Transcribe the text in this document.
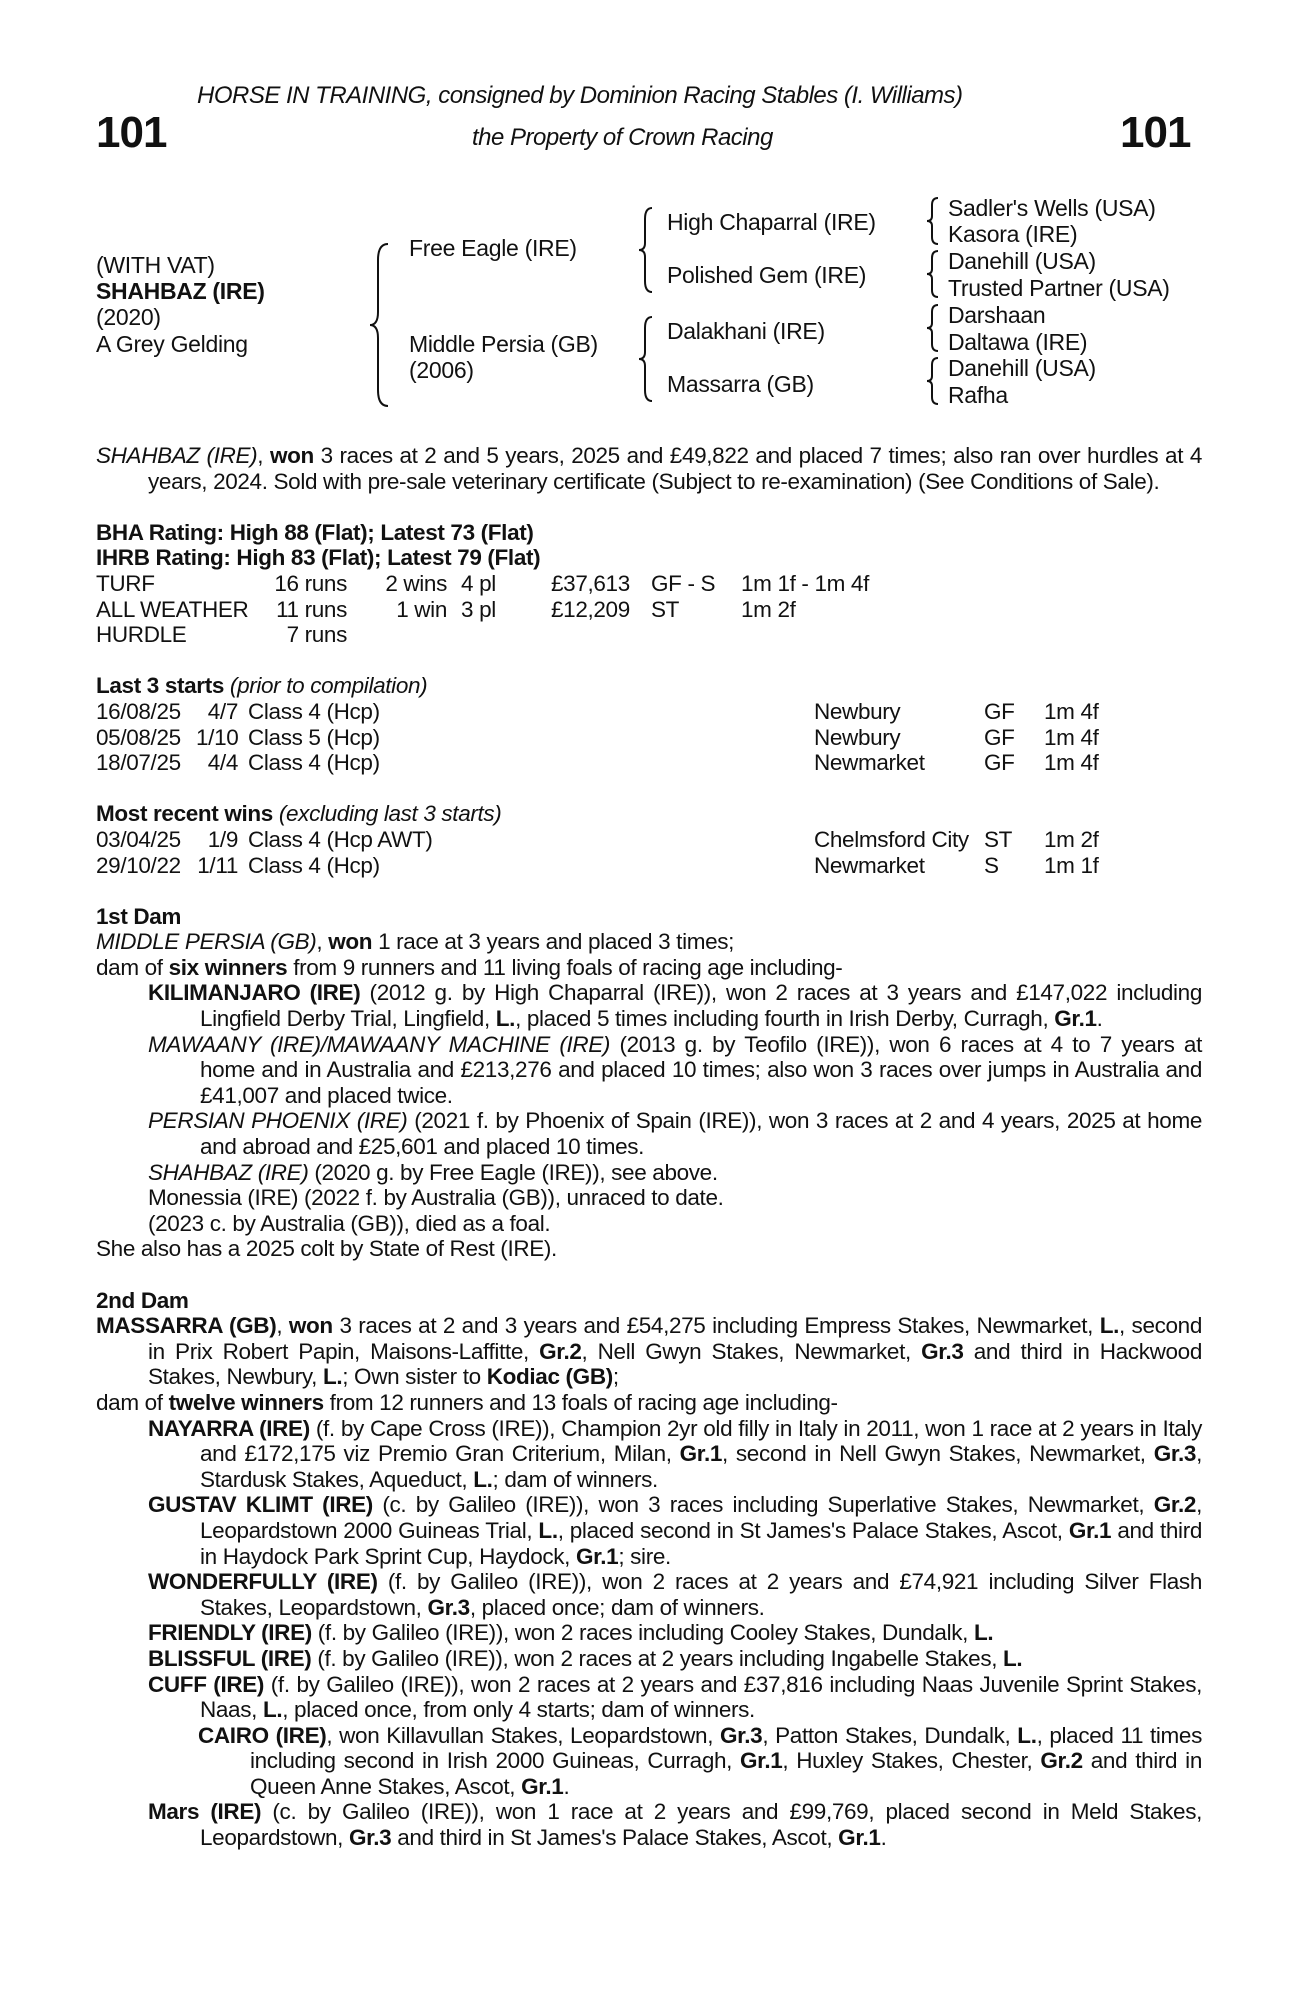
HORSE IN TRAINING, consigned by Dominion Racing Stables (I. Williams)
the Property of Crown Racing
101	101
(WITH VAT)
SHAHBAZ (IRE)
(2020)
A Grey Gelding
Free Eagle (IRE)
Middle Persia (GB)
(2006)
High Chaparral (IRE)
Polished Gem (IRE)
Dalakhani (IRE)
Massarra (GB)
Sadler's Wells (USA)
Kasora (IRE)
Danehill (USA)
Trusted Partner (USA)
Darshaan
Daltawa (IRE)
Danehill (USA)
Rafha

SHAHBAZ (IRE), won 3 races at 2 and 5 years, 2025 and £49,822 and placed 7 times; also ran over hurdles at 4 years, 2024. Sold with pre-sale veterinary certificate (Subject to re-examination) (See Conditions of Sale).

BHA Rating: High 88 (Flat); Latest 73 (Flat)
IHRB Rating: High 83 (Flat); Latest 79 (Flat)
TURF	16 runs	2 wins 4 pl	£37,613 GF - S	1m 1f - 1m 4f
ALL WEATHER	11 runs	1 win 3 pl	£12,209 ST	1m 2f
HURDLE	7 runs
Last 3 starts (prior to compilation)
16/08/25	4/7 Class 4 (Hcp)	Newbury	GF	1m 4f
05/08/25 1/10 Class 5 (Hcp)	Newbury	GF	1m 4f
18/07/25	4/4 Class 4 (Hcp)	Newmarket	GF	1m 4f
Most recent wins (excluding last 3 starts)
03/04/25	1/9 Class 4 (Hcp AWT)	Chelmsford City ST	1m 2f
29/10/22 1/11 Class 4 (Hcp)	Newmarket	S	1m 1f
1st Dam

MIDDLE PERSIA (GB), won 1 race at 3 years and placed 3 times;

dam of six winners from 9 runners and 11 living foals of racing age including-

KILIMANJARO (IRE) (2012 g. by High Chaparral (IRE)), won 2 races at 3 years and £147,022 including Lingfield Derby Trial, Lingfield, L., placed 5 times including fourth in Irish Derby, Curragh, Gr.1.

MAWAANY (IRE)/MAWAANY MACHINE (IRE) (2013 g. by Teofilo (IRE)), won 6 races at 4 to 7 years at home and in Australia and £213,276 and placed 10 times; also won 3 races over jumps in Australia and £41,007 and placed twice.

PERSIAN PHOENIX (IRE) (2021 f. by Phoenix of Spain (IRE)), won 3 races at 2 and 4 years, 2025 at home and abroad and £25,601 and placed 10 times.

SHAHBAZ (IRE) (2020 g. by Free Eagle (IRE)), see above.

Monessia (IRE) (2022 f. by Australia (GB)), unraced to date.

(2023 c. by Australia (GB)), died as a foal.

She also has a 2025 colt by State of Rest (IRE).

2nd Dam

MASSARRA (GB), won 3 races at 2 and 3 years and £54,275 including Empress Stakes, Newmarket, L., second in Prix Robert Papin, Maisons-Laffitte, Gr.2, Nell Gwyn Stakes, Newmarket, Gr.3 and third in Hackwood Stakes, Newbury, L.; Own sister to Kodiac (GB);

dam of twelve winners from 12 runners and 13 foals of racing age including-

NAYARRA (IRE) (f. by Cape Cross (IRE)), Champion 2yr old filly in Italy in 2011, won 1 race at 2 years in Italy and £172,175 viz Premio Gran Criterium, Milan, Gr.1, second in Nell Gwyn Stakes, Newmarket, Gr.3, Stardusk Stakes, Aqueduct, L.; dam of winners.

GUSTAV KLIMT (IRE) (c. by Galileo (IRE)), won 3 races including Superlative Stakes, Newmarket, Gr.2, Leopardstown 2000 Guineas Trial, L., placed second in St James's Palace Stakes, Ascot, Gr.1 and third in Haydock Park Sprint Cup, Haydock, Gr.1; sire.

WONDERFULLY (IRE) (f. by Galileo (IRE)), won 2 races at 2 years and £74,921 including Silver Flash Stakes, Leopardstown, Gr.3, placed once; dam of winners.

FRIENDLY (IRE) (f. by Galileo (IRE)), won 2 races including Cooley Stakes, Dundalk, L.

BLISSFUL (IRE) (f. by Galileo (IRE)), won 2 races at 2 years including Ingabelle Stakes, L.

CUFF (IRE) (f. by Galileo (IRE)), won 2 races at 2 years and £37,816 including Naas Juvenile Sprint Stakes, Naas, L., placed once, from only 4 starts; dam of winners.

CAIRO (IRE), won Killavullan Stakes, Leopardstown, Gr.3, Patton Stakes, Dundalk, L., placed 11 times including second in Irish 2000 Guineas, Curragh, Gr.1, Huxley Stakes, Chester, Gr.2 and third in Queen Anne Stakes, Ascot, Gr.1.

Mars (IRE) (c. by Galileo (IRE)), won 1 race at 2 years and £99,769, placed second in Meld Stakes, Leopardstown, Gr.3 and third in St James's Palace Stakes, Ascot, Gr.1.
